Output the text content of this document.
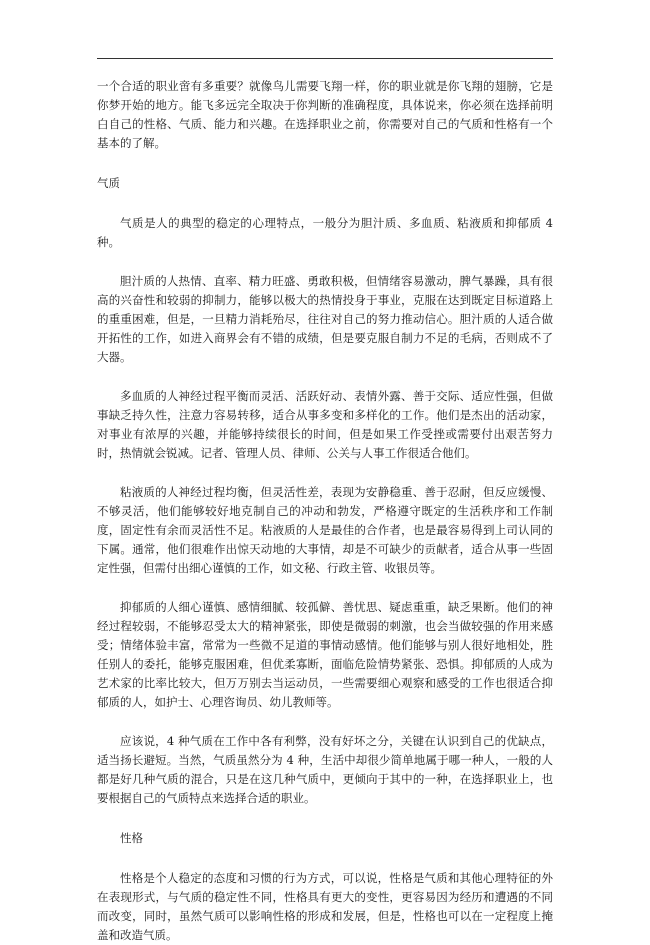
一个合适的职业啻有多重要？就像鸟儿需要飞翔一样，你的职业就是你飞翔的翅膀，它是你梦开始的地方。能飞多远完全取决于你判断的准确程度，具体说来，你必须在选择前明白自己的性格、气质、能力和兴趣。在选择职业之前，你需要对自己的气质和性格有一个基本的了解。

气质

气质是人的典型的稳定的心理特点，一般分为胆汁质、多血质、粘液质和抑郁质 4 种。

胆汁质的人热情、直率、精力旺盛、勇敢积极，但情绪容易激动，脾气暴躁，具有很高的兴奋性和较弱的抑制力，能够以极大的热情投身于事业，克服在达到既定目标道路上的重重困难，但是，一旦精力消耗殆尽，往往对自己的努力推动信心。胆汁质的人适合做开拓性的工作，如进入商界会有不错的成绩，但是要克服自制力不足的毛病，否则成不了大器。

多血质的人神经过程平衡而灵活、活跃好动、表情外露、善于交际、适应性强，但做事缺乏持久性，注意力容易转移，适合从事多变和多样化的工作。他们是杰出的活动家，对事业有浓厚的兴趣，并能够持续很长的时间，但是如果工作受挫或需要付出艰苦努力时，热情就会锐减。记者、管理人员、律师、公关与人事工作很适合他们。

粘液质的人神经过程均衡，但灵活性差，表现为安静稳重、善于忍耐，但反应缓慢、不够灵活，他们能够较好地克制自己的冲动和勃发，严格遵守既定的生活秩序和工作制度，固定性有余而灵活性不足。粘液质的人是最佳的合作者，也是最容易得到上司认同的下属。通常，他们很难作出惊天动地的大事情，却是不可缺少的贡献者，适合从事一些固定性强，但需付出细心谨慎的工作，如文秘、行政主管、收银员等。

抑郁质的人细心谨慎、感情细腻、较孤僻、善忧思、疑虑重重，缺乏果断。他们的神经过程较弱，不能够忍受太大的精神紧张，即使是微弱的刺激，也会当做较强的作用来感受；情绪体验丰富，常常为一些微不足道的事情动感情。他们能够与别人很好地相处，胜任别人的委托，能够克服困难，但优柔寡断，面临危险情势紧张、恐惧。抑郁质的人成为艺术家的比率比较大，但万万别去当运动员，一些需要细心观察和感受的工作也很适合抑郁质的人，如护士、心理咨询员、幼儿教师等。

应该说，4 种气质在工作中各有利弊，没有好坏之分，关键在认识到自己的优缺点，适当扬长避短。当然，气质虽然分为 4 种，生活中却很少简单地属于哪一种人，一般的人都是好几种气质的混合，只是在这几种气质中，更倾向于其中的一种，在选择职业上，也要根据自己的气质特点来选择合适的职业。

性格

性格是个人稳定的态度和习惯的行为方式，可以说，性格是气质和其他心理特征的外在表现形式，与气质的稳定性不同，性格具有更大的变性，更容易因为经历和遭遇的不同而改变，同时，虽然气质可以影响性格的形成和发展，但是，性格也可以在一定程度上掩盖和改造气质。
